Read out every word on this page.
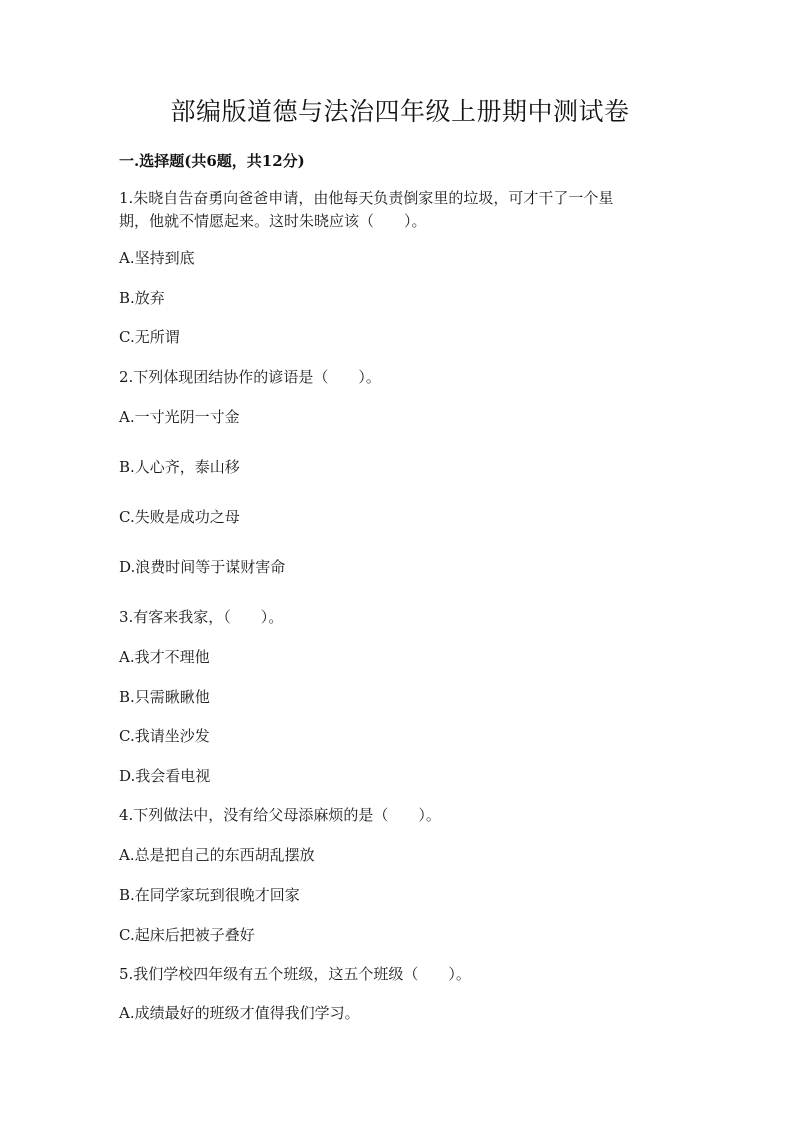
部编版道德与法治四年级上册期中测试卷
一.选择题(共6题，共12分)
1.朱晓自告奋勇向爸爸申请，由他每天负责倒家里的垃圾，可才干了一个星
期，他就不情愿起来。这时朱晓应该（　　）。
A.坚持到底
B.放弃
C.无所谓
2.下列体现团结协作的谚语是（　　）。
A.一寸光阴一寸金
B.人心齐，泰山移
C.失败是成功之母
D.浪费时间等于谋财害命
3.有客来我家，（　　）。
A.我才不理他
B.只需瞅瞅他
C.我请坐沙发
D.我会看电视
4.下列做法中，没有给父母添麻烦的是（　　）。
A.总是把自己的东西胡乱摆放
B.在同学家玩到很晚才回家
C.起床后把被子叠好
5.我们学校四年级有五个班级，这五个班级（　　）。
A.成绩最好的班级才值得我们学习。
